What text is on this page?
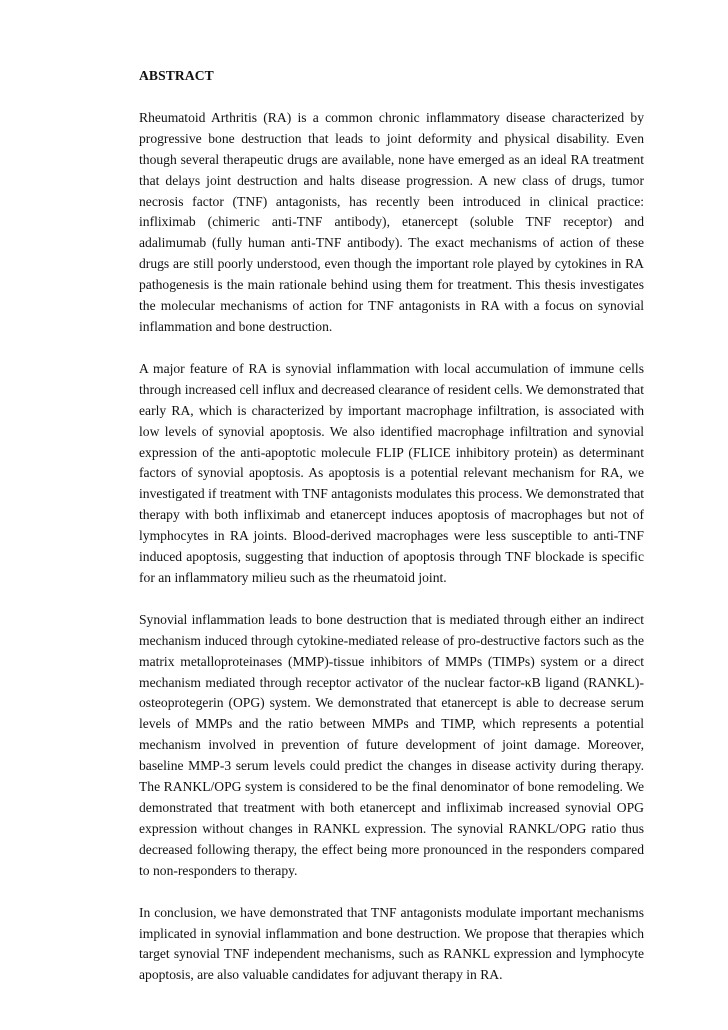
ABSTRACT

Rheumatoid Arthritis (RA) is a common chronic inflammatory disease characterized by progressive bone destruction that leads to joint deformity and physical disability. Even though several therapeutic drugs are available, none have emerged as an ideal RA treatment that delays joint destruction and halts disease progression. A new class of drugs, tumor necrosis factor (TNF) antagonists, has recently been introduced in clinical practice: infliximab (chimeric anti-TNF antibody), etanercept (soluble TNF receptor) and adalimumab (fully human anti-TNF antibody). The exact mechanisms of action of these drugs are still poorly understood, even though the important role played by cytokines in RA pathogenesis is the main rationale behind using them for treatment. This thesis investigates the molecular mechanisms of action for TNF antagonists in RA with a focus on synovial inflammation and bone destruction.

A major feature of RA is synovial inflammation with local accumulation of immune cells through increased cell influx and decreased clearance of resident cells. We demonstrated that early RA, which is characterized by important macrophage infiltration, is associated with low levels of synovial apoptosis. We also identified macrophage infiltration and synovial expression of the anti-apoptotic molecule FLIP (FLICE inhibitory protein) as determinant factors of synovial apoptosis. As apoptosis is a potential relevant mechanism for RA, we investigated if treatment with TNF antagonists modulates this process. We demonstrated that therapy with both infliximab and etanercept induces apoptosis of macrophages but not of lymphocytes in RA joints. Blood-derived macrophages were less susceptible to anti-TNF induced apoptosis, suggesting that induction of apoptosis through TNF blockade is specific for an inflammatory milieu such as the rheumatoid joint.

Synovial inflammation leads to bone destruction that is mediated through either an indirect mechanism induced through cytokine-mediated release of pro-destructive factors such as the matrix metalloproteinases (MMP)-tissue inhibitors of MMPs (TIMPs) system or a direct mechanism mediated through receptor activator of the nuclear factor-κB ligand (RANKL)-osteoprotegerin (OPG) system. We demonstrated that etanercept is able to decrease serum levels of MMPs and the ratio between MMPs and TIMP, which represents a potential mechanism involved in prevention of future development of joint damage. Moreover, baseline MMP-3 serum levels could predict the changes in disease activity during therapy. The RANKL/OPG system is considered to be the final denominator of bone remodeling. We demonstrated that treatment with both etanercept and infliximab increased synovial OPG expression without changes in RANKL expression. The synovial RANKL/OPG ratio thus decreased following therapy, the effect being more pronounced in the responders compared to non-responders to therapy.

In conclusion, we have demonstrated that TNF antagonists modulate important mechanisms implicated in synovial inflammation and bone destruction. We propose that therapies which target synovial TNF independent mechanisms, such as RANKL expression and lymphocyte apoptosis, are also valuable candidates for adjuvant therapy in RA.
